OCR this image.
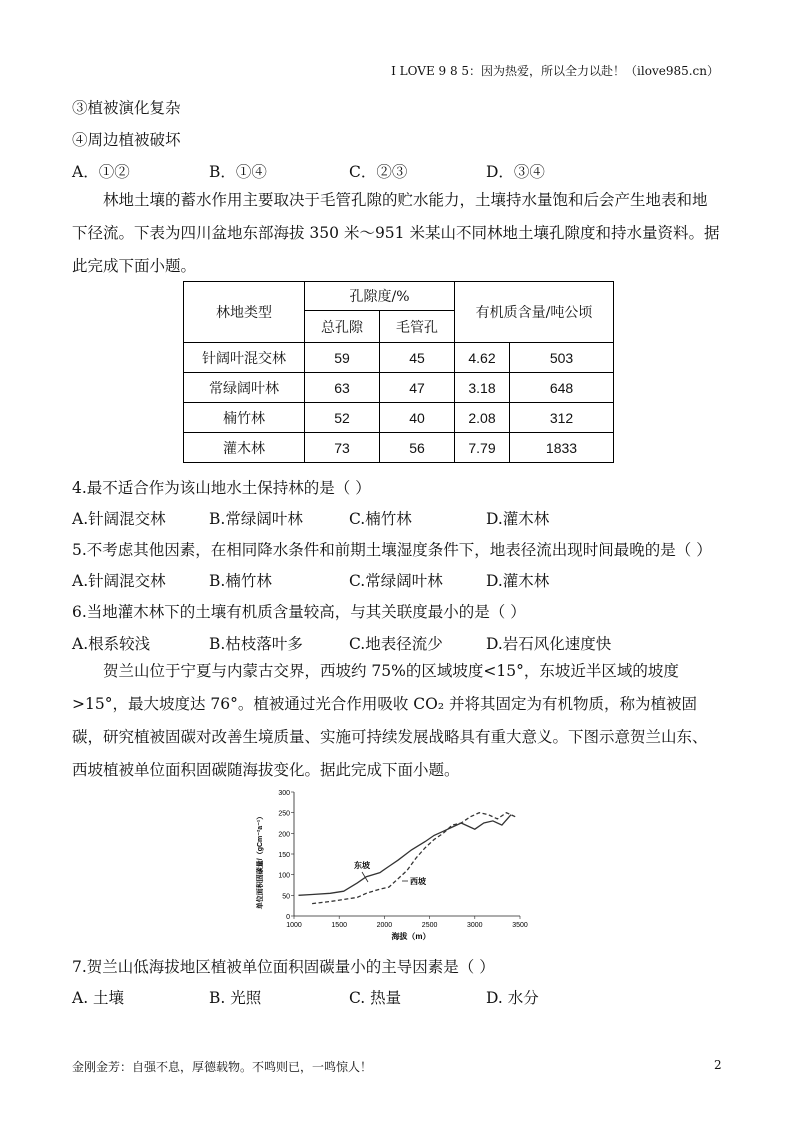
I LOVE 9 8 5：因为热爱，所以全力以赴！（ilove985.cn）
③植被演化复杂
④周边植被破坏
A．①②	B．①④	C．②③	D．③④
林地土壤的蓄水作用主要取决于毛管孔隙的贮水能力，土壤持水量饱和后会产生地表和地下径流。下表为四川盆地东部海拔 350 米～951 米某山不同林地土壤孔隙度和持水量资料。据此完成下面小题。
林地类型	孔隙度/%		有机质含量/吨公顷	
	总孔隙	毛管孔		
针阔叶混交林	59	45	4.62	503
常绿阔叶林	63	47	3.18	648
楠竹林	52	40	2.08	312
灌木林	73	56	7.79	1833
4.最不适合作为该山地水土保持林的是（ ）
A.针阔混交林	B.常绿阔叶林	C.楠竹林	D.灌木林
5.不考虑其他因素，在相同降水条件和前期土壤湿度条件下，地表径流出现时间最晚的是（ ）
A.针阔混交林	B.楠竹林	C.常绿阔叶林	D.灌木林
6.当地灌木林下的土壤有机质含量较高，与其关联度最小的是（ ）
A.根系较浅	B.枯枝落叶多	C.地表径流少	D.岩石风化速度快
贺兰山位于宁夏与内蒙古交界，西坡约 75%的区域坡度<15°，东坡近半区域的坡度>15°，最大坡度达 76°。植被通过光合作用吸收 CO₂ 并将其固定为有机物质，称为植被固碳，研究植被固碳对改善生境质量、实施可持续发展战略具有重大意义。下图示意贺兰山东、西坡植被单位面积固碳随海拔变化。据此完成下面小题。
0
50
100
150
200
250
300
1000	1500	2000	2500	3000	3500
单位面积固碳量/（gCm⁻²a⁻¹）
海拔（m）
东坡
西坡
7.贺兰山低海拔地区植被单位面积固碳量小的主导因素是（ ）
A. 土壤	B. 光照	C. 热量	D. 水分
金刚金芳：自强不息，厚德载物。不鸣则已，一鸣惊人！	2
